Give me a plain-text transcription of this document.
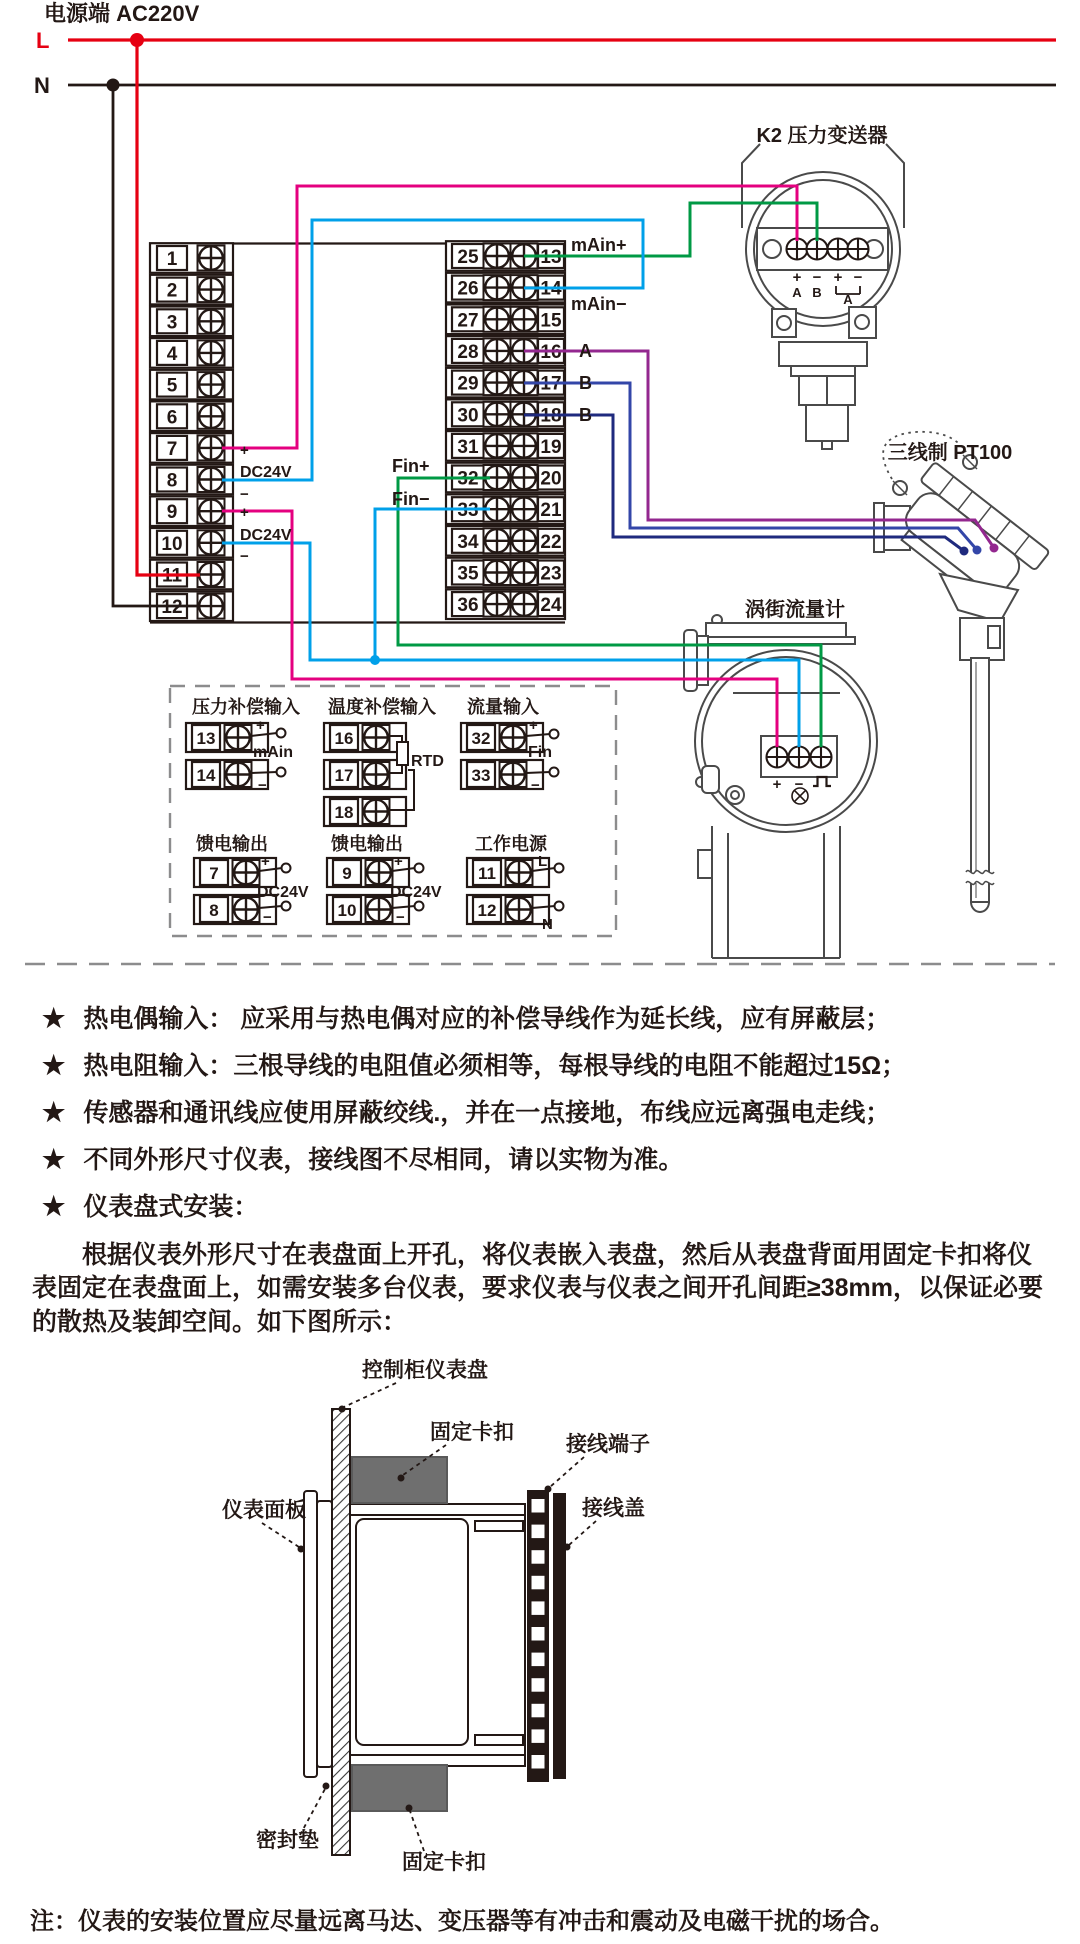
压力补偿输入 温度补偿输入 流量输入
馈电输出	馈电输出	工作电源
13
14
16
17
18
32
33
7
8
9
10
11
12
+
mAin
−
RTD
+
Fin
−
+
DC24V
−
+
DC24V
−
L
N
1
2
3
4
5
6
7
8
9
10
11
12
25	13
26	14
27	15
28	16
29	17
30	18
31	19
32	20
33	21
34	22
35	23
36	24
电源端 AC220V
L
N
+
DC24V
−
+
DC24V
−
mAin+
mAin−
A
B
B
Fin+
Fin−
K2 压力变送器
+ − + −
A B A
三线制 PT100
涡街流量计
+ −
★ 热电偶输入： 应采用与热电偶对应的补偿导线作为延长线，应有屏蔽层；
★ 热电阻输入：三根导线的电阻值必须相等，每根导线的电阻不能超过15Ω；
★ 传感器和通讯线应使用屏蔽绞线.，并在一点接地，布线应远离强电走线；
★ 不同外形尺寸仪表，接线图不尽相同，请以实物为准。
★ 仪表盘式安装：

根据仪表外形尺寸在表盘面上开孔，将仪表嵌入表盘，然后从表盘背面用固定卡扣将仪表固定在表盘面上，如需安装多台仪表，要求仪表与仪表之间开孔间距≥38mm，以保证必要的散热及装卸空间。如下图所示：

控制柜仪表盘
固定卡扣
接线端子
接线盖
仪表面板
密封垫
固定卡扣

注：仪表的安装位置应尽量远离马达、变压器等有冲击和震动及电磁干扰的场合。
